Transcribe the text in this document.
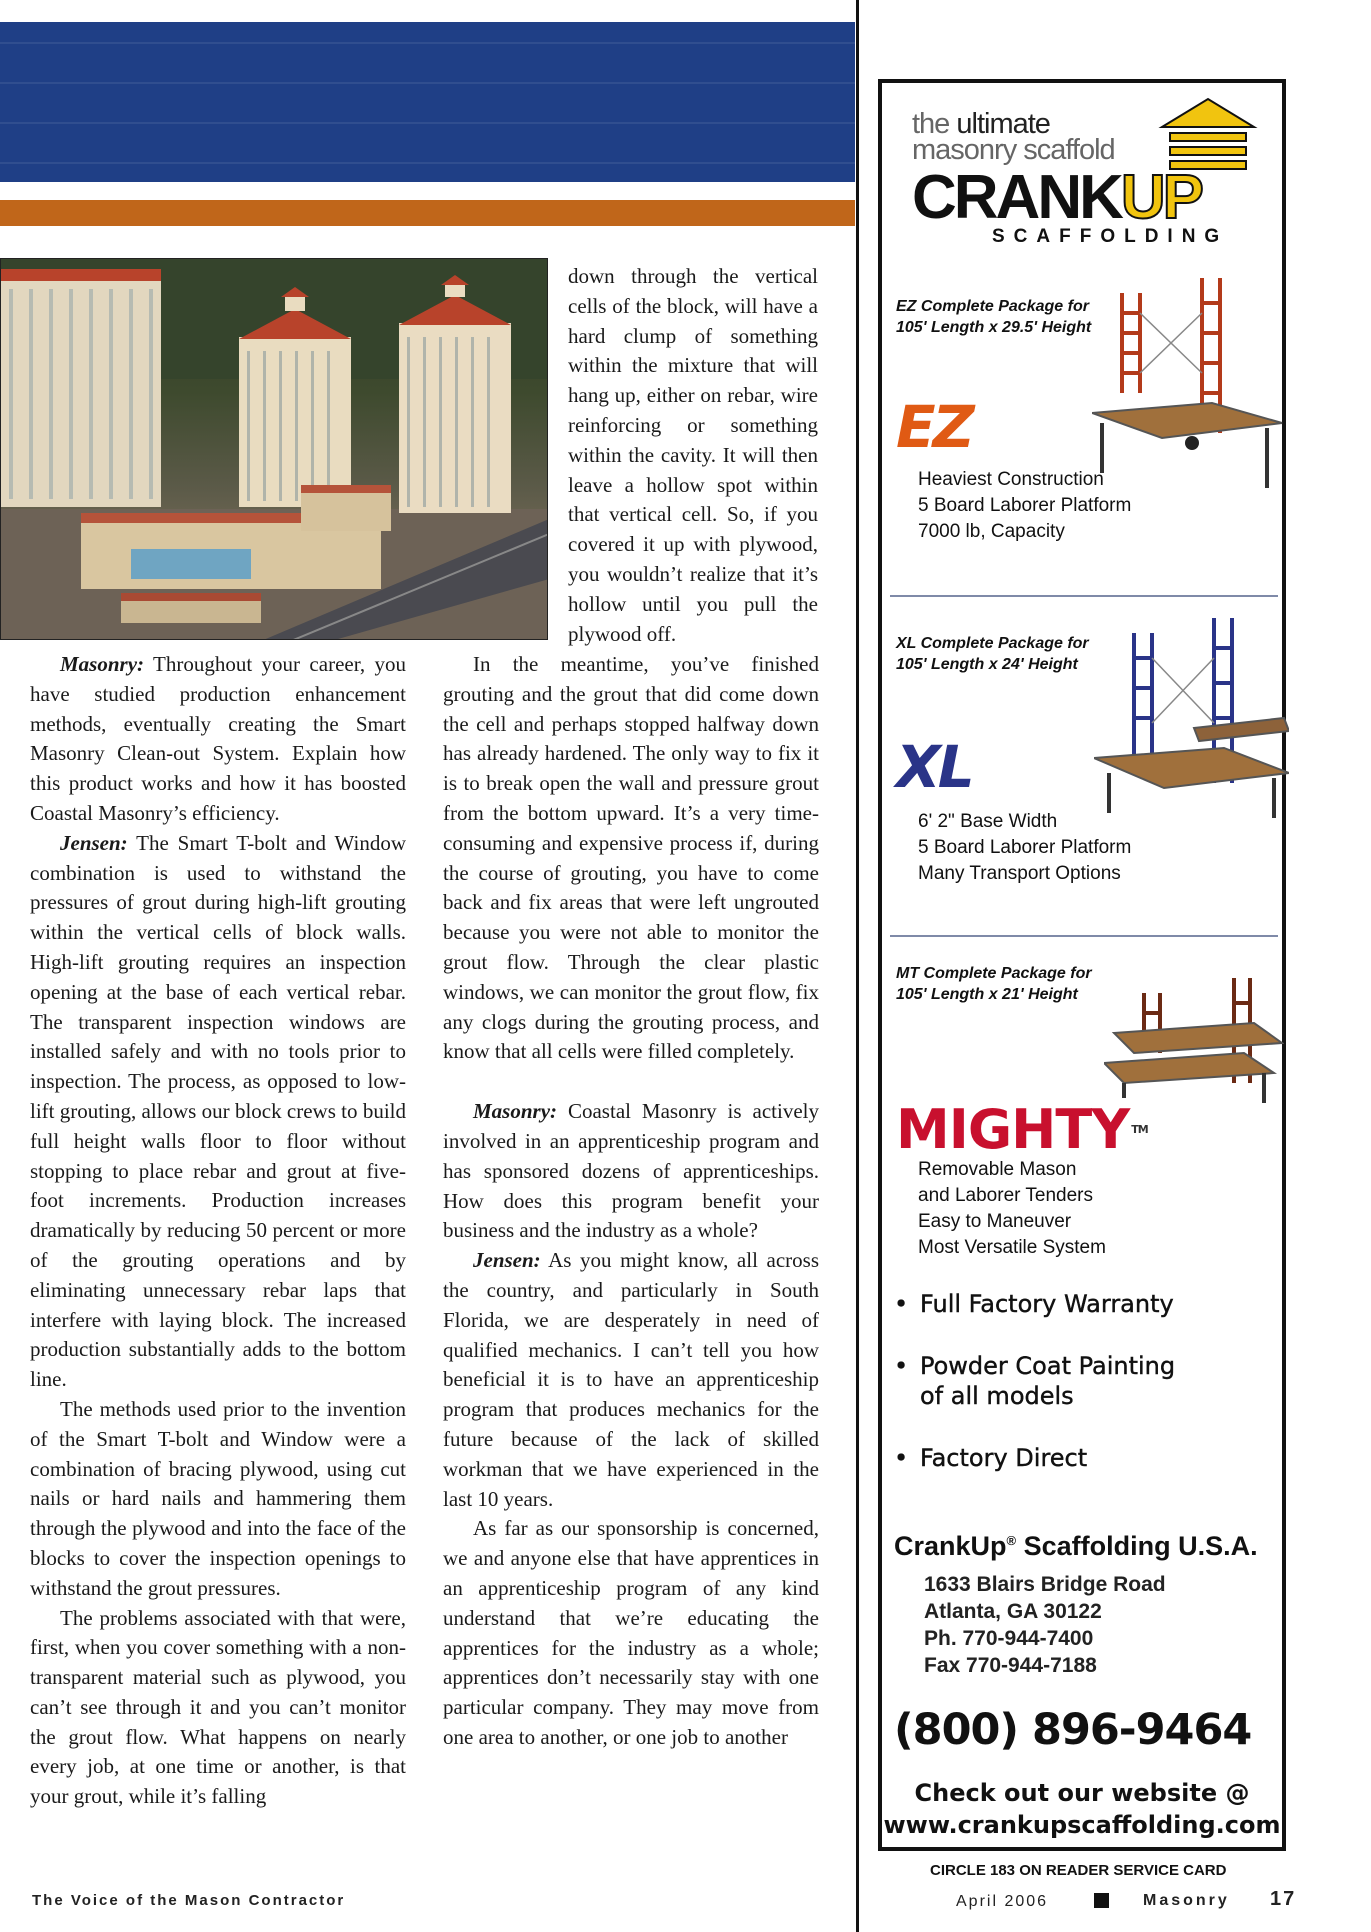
down through the vertical cells of the block, will have a hard clump of something within the mixture that will hang up, either on rebar, wire reinforcing or something within the cavity. It will then leave a hollow spot within that vertical cell. So, if you covered it up with plywood, you wouldn’t realize that it’s hollow until you pull the plywood off.

Masonry: Throughout your career, you have studied production enhancement methods, eventually creating the Smart Masonry Clean-out System. Explain how this product works and how it has boosted Coastal Masonry’s efficiency.

Jensen: The Smart T-bolt and Window combination is used to withstand the pressures of grout during high-lift grouting within the vertical cells of block walls. High-lift grouting requires an inspection opening at the base of each vertical rebar. The transparent inspection windows are installed safely and with no tools prior to inspection. The process, as opposed to low-lift grouting, allows our block crews to build full height walls floor to floor without stopping to place rebar and grout at five-foot increments. Production increases dramatically by reducing 50 percent or more of the grouting operations and by eliminating unnecessary rebar laps that interfere with laying block. The increased production substantially adds to the bottom line.

The methods used prior to the invention of the Smart T-bolt and Window were a combination of bracing plywood, using cut nails or hard nails and hammering them through the plywood and into the face of the blocks to cover the inspection openings to withstand the grout pressures.

The problems associated with that were, first, when you cover something with a non-transparent material such as plywood, you can’t see through it and you can’t monitor the grout flow. What happens on nearly every job, at one time or another, is that your grout, while it’s falling

In the meantime, you’ve finished grouting and the grout that did come down the cell and perhaps stopped halfway down has already hardened. The only way to fix it is to break open the wall and pressure grout from the bottom upward. It’s a very time-consuming and expensive process if, during the course of grouting, you have to come back and fix areas that were left ungrouted because you were not able to monitor the grout flow. Through the clear plastic windows, we can monitor the grout flow, fix any clogs during the grouting process, and know that all cells were filled completely.

Masonry: Coastal Masonry is actively involved in an apprenticeship program and has sponsored dozens of apprenticeships. How does this program benefit your business and the industry as a whole?

Jensen: As you might know, all across the country, and particularly in South Florida, we are desperately in need of qualified mechanics. I can’t tell you how beneficial it is to have an apprenticeship program that produces mechanics for the future because of the lack of skilled workman that we have experienced in the last 10 years.

As far as our sponsorship is concerned, we and anyone else that have apprentices in an apprenticeship program of any kind understand that we’re educating the apprentices for the industry as a whole; apprentices don’t necessarily stay with one particular company. They may move from one area to another, or one job to another

The Voice of the Mason Contractor
the ultimate
masonry scaffold
CRANKUP
SCAFFOLDING
EZ Complete Package for
105' Length x 29.5' Height
EZ
Heaviest Construction
5 Board Laborer Platform
7000 lb, Capacity
XL Complete Package for
105' Length x 24' Height
XL
6' 2" Base Width
5 Board Laborer Platform
Many Transport Options
MT Complete Package for
105' Length x 21' Height
MIGHTY ™
Removable Mason
and Laborer Tenders
Easy to Maneuver
Most Versatile System
• Full Factory Warranty
• Powder Coat Painting of all models
• Factory Direct
CrankUp® Scaffolding U.S.A.
1633 Blairs Bridge Road
Atlanta, GA 30122
Ph. 770-944-7400
Fax 770-944-7188
(800) 896-9464
Check out our website @
www.crankupscaffolding.com
CIRCLE 183 ON READER SERVICE CARD
April 2006	Masonry 17
